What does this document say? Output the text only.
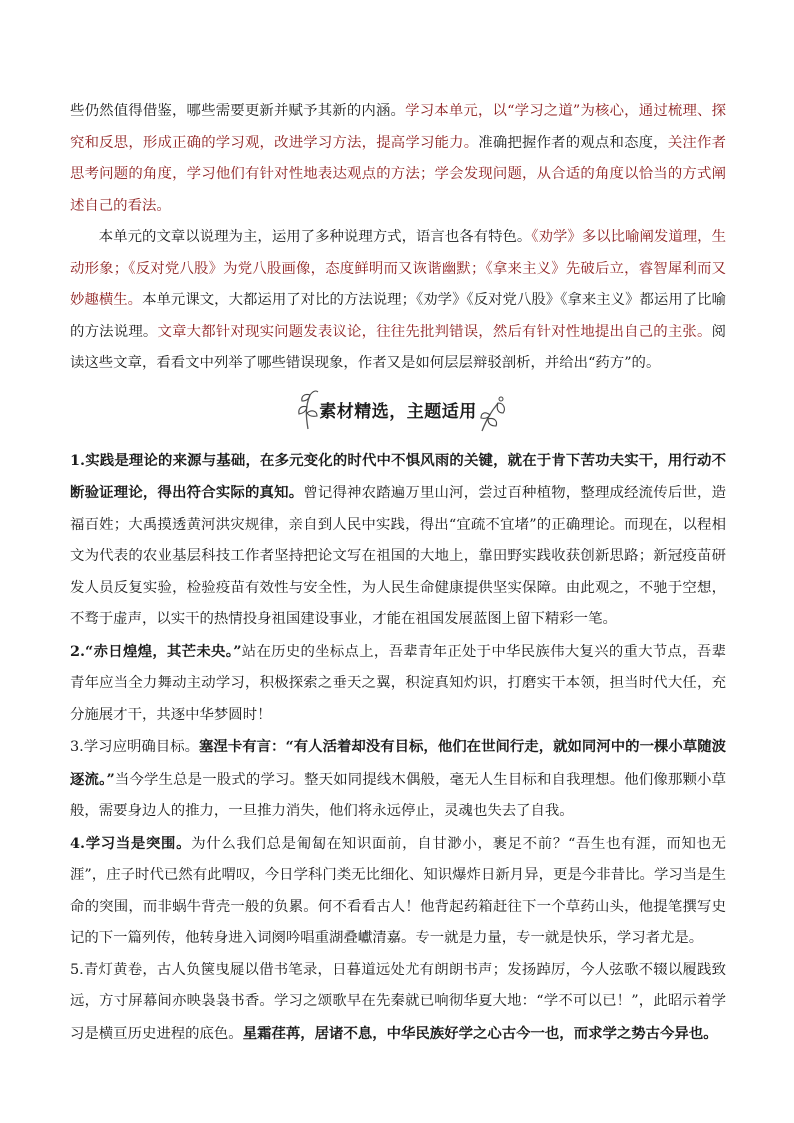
些仍然值得借鉴，哪些需要更新并赋予其新的内涵。学习本单元，以“学习之道”为核心，通过梳理、探究和反思，形成正确的学习观，改进学习方法，提高学习能力。准确把握作者的观点和态度，关注作者思考问题的角度，学习他们有针对性地表达观点的方法；学会发现问题，从合适的角度以恰当的方式阐述自己的看法。

本单元的文章以说理为主，运用了多种说理方式，语言也各有特色。《劝学》多以比喻阐发道理，生动形象；《反对党八股》为党八股画像，态度鲜明而又诙谐幽默；《拿来主义》先破后立，睿智犀利而又妙趣横生。本单元课文，大都运用了对比的方法说理；《劝学》《反对党八股》《拿来主义》都运用了比喻的方法说理。文章大都针对现实问题发表议论，往往先批判错误，然后有针对性地提出自己的主张。阅读这些文章，看看文中列举了哪些错误现象，作者又是如何层层辩驳剖析，并给出“药方”的。

素材精选，主题适用

1.实践是理论的来源与基础，在多元变化的时代中不惧风雨的关键，就在于肯下苦功夫实干，用行动不断验证理论，得出符合实际的真知。曾记得神农踏遍万里山河，尝过百种植物，整理成经流传后世，造福百姓；大禹摸透黄河洪灾规律，亲自到人民中实践，得出“宜疏不宜堵”的正确理论。而现在，以程相文为代表的农业基层科技工作者坚持把论文写在祖国的大地上，靠田野实践收获创新思路；新冠疫苗研发人员反复实验，检验疫苗有效性与安全性，为人民生命健康提供坚实保障。由此观之，不驰于空想，不骛于虚声，以实干的热情投身祖国建设事业，才能在祖国发展蓝图上留下精彩一笔。

2.“赤日煌煌，其芒未央。”站在历史的坐标点上，吾辈青年正处于中华民族伟大复兴的重大节点，吾辈青年应当全力舞动主动学习，积极探索之垂天之翼，积淀真知灼识，打磨实干本领，担当时代大任，充分施展才干，共逐中华梦圆时！

3.学习应明确目标。塞涅卡有言：“有人活着却没有目标，他们在世间行走，就如同河中的一棵小草随波逐流。”当今学生总是一股式的学习。整天如同提线木偶般，毫无人生目标和自我理想。他们像那颗小草般，需要身边人的推力，一旦推力消失，他们将永远停止，灵魂也失去了自我。

4.学习当是突围。为什么我们总是匍匐在知识面前，自甘渺小，裹足不前？“吾生也有涯，而知也无涯”，庄子时代已然有此喟叹，今日学科门类无比细化、知识爆炸日新月异，更是今非昔比。学习当是生命的突围，而非蜗牛背壳一般的负累。何不看看古人！他背起药箱赶往下一个草药山头，他提笔撰写史记的下一篇列传，他转身进入词阕吟唱重湖叠巘清嘉。专一就是力量，专一就是快乐，学习者尤是。

5.青灯黄卷，古人负箧曳屣以借书笔录，日暮道远处尤有朗朗书声；发扬踔厉，今人弦歌不辍以履践致远，方寸屏幕间亦映袅袅书香。学习之颂歌早在先秦就已响彻华夏大地：“学不可以已！”，此昭示着学习是横亘历史进程的底色。星霜荏苒，居诸不息，中华民族好学之心古今一也，而求学之势古今异也。
